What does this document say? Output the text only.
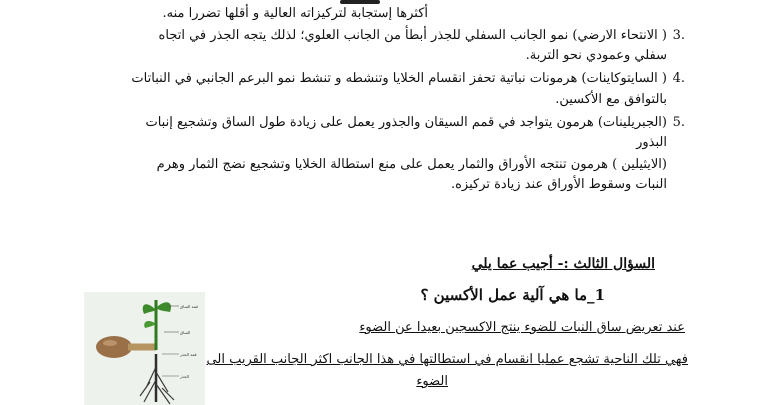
أكثرها إستجابة لتركيزاته العالية و أقلها تضررا منه.
.3
( الانتحاء الارضي) نمو الجانب السفلي للجذر أبطأ من الجانب العلوي؛ لذلك يتجه الجذر في اتجاه
سفلي وعمودي نحو التربة.
.4
( السايتوكاينات) هرمونات نباتية تحفز انقسام الخلايا وتنشطه و تنشط نمو البرعم الجانبي في النباتات
بالتوافق مع الأكسين.
.5
(الجبريلينات) هرمون يتواجد في قمم السيقان والجذور يعمل على زيادة طول الساق وتشجيع إنبات
البذور
(الايثيلين ) هرمون تنتجه الأوراق والثمار يعمل على منع استطالة الخلايا وتشجيع نضج الثمار وهرم
النبات وسقوط الأوراق عند زيادة تركيزه.
السؤال الثالث :- أجيب عما يلي
1_ما هي آلية عمل الأكسين ؟
عند تعريض ساق النبات للضوء ينتج الاكسجين بعيدا عن الضوء
فهي تلك الناحية تشجع عمليا انقسام في استطالتها في هذا الجانب اكثر الجانب القريب الى
الضوء
قمة الساق
الساق
قمة الجذر
الجذر
